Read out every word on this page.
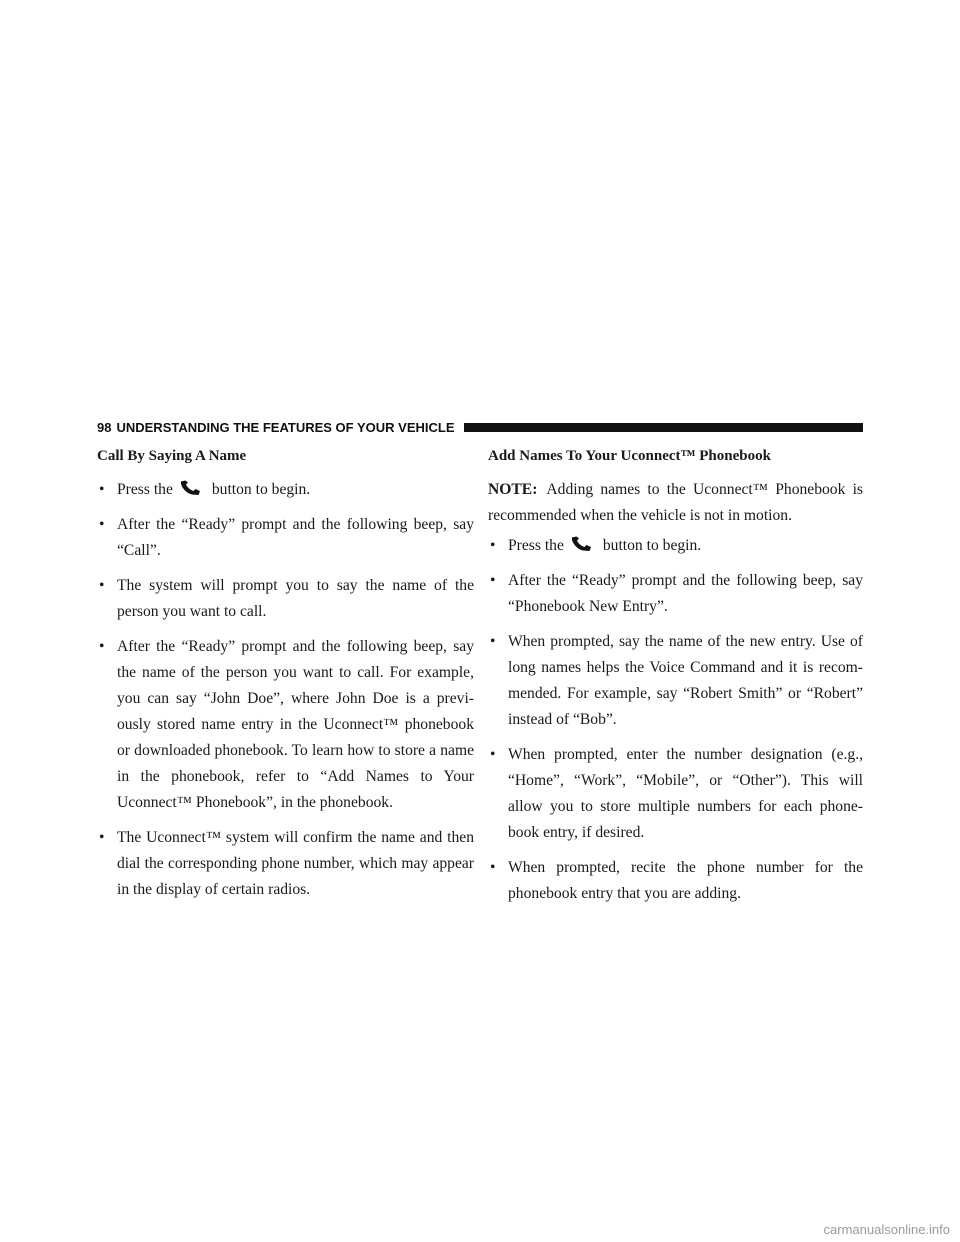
98 UNDERSTANDING THE FEATURES OF YOUR VEHICLE
Call By Saying A Name
• Press the	button to begin.
• After the “Ready” prompt and the following beep, say “Call”.
• The system will prompt you to say the name of the person you want to call.
• After the “Ready” prompt and the following beep, say the name of the person you want to call. For example, you can say “John Doe”, where John Doe is a previ-ously stored name entry in the Uconnect™ phonebook or downloaded phonebook. To learn how to store a name in the phonebook, refer to “Add Names to Your Uconnect™ Phonebook”, in the phonebook.
• The Uconnect™ system will confirm the name and then dial the corresponding phone number, which may appear in the display of certain radios.
Add Names To Your Uconnect™ Phonebook

NOTE: Adding names to the Uconnect™ Phonebook is recommended when the vehicle is not in motion.

• Press the	button to begin.
• After the “Ready” prompt and the following beep, say “Phonebook New Entry”.
• When prompted, say the name of the new entry. Use of long names helps the Voice Command and it is recom-mended. For example, say “Robert Smith” or “Robert” instead of “Bob”.
• When prompted, enter the number designation (e.g., “Home”, “Work”, “Mobile”, or “Other”). This will allow you to store multiple numbers for each phone-book entry, if desired.
• When prompted, recite the phone number for the phonebook entry that you are adding.
carmanualsonline.info
